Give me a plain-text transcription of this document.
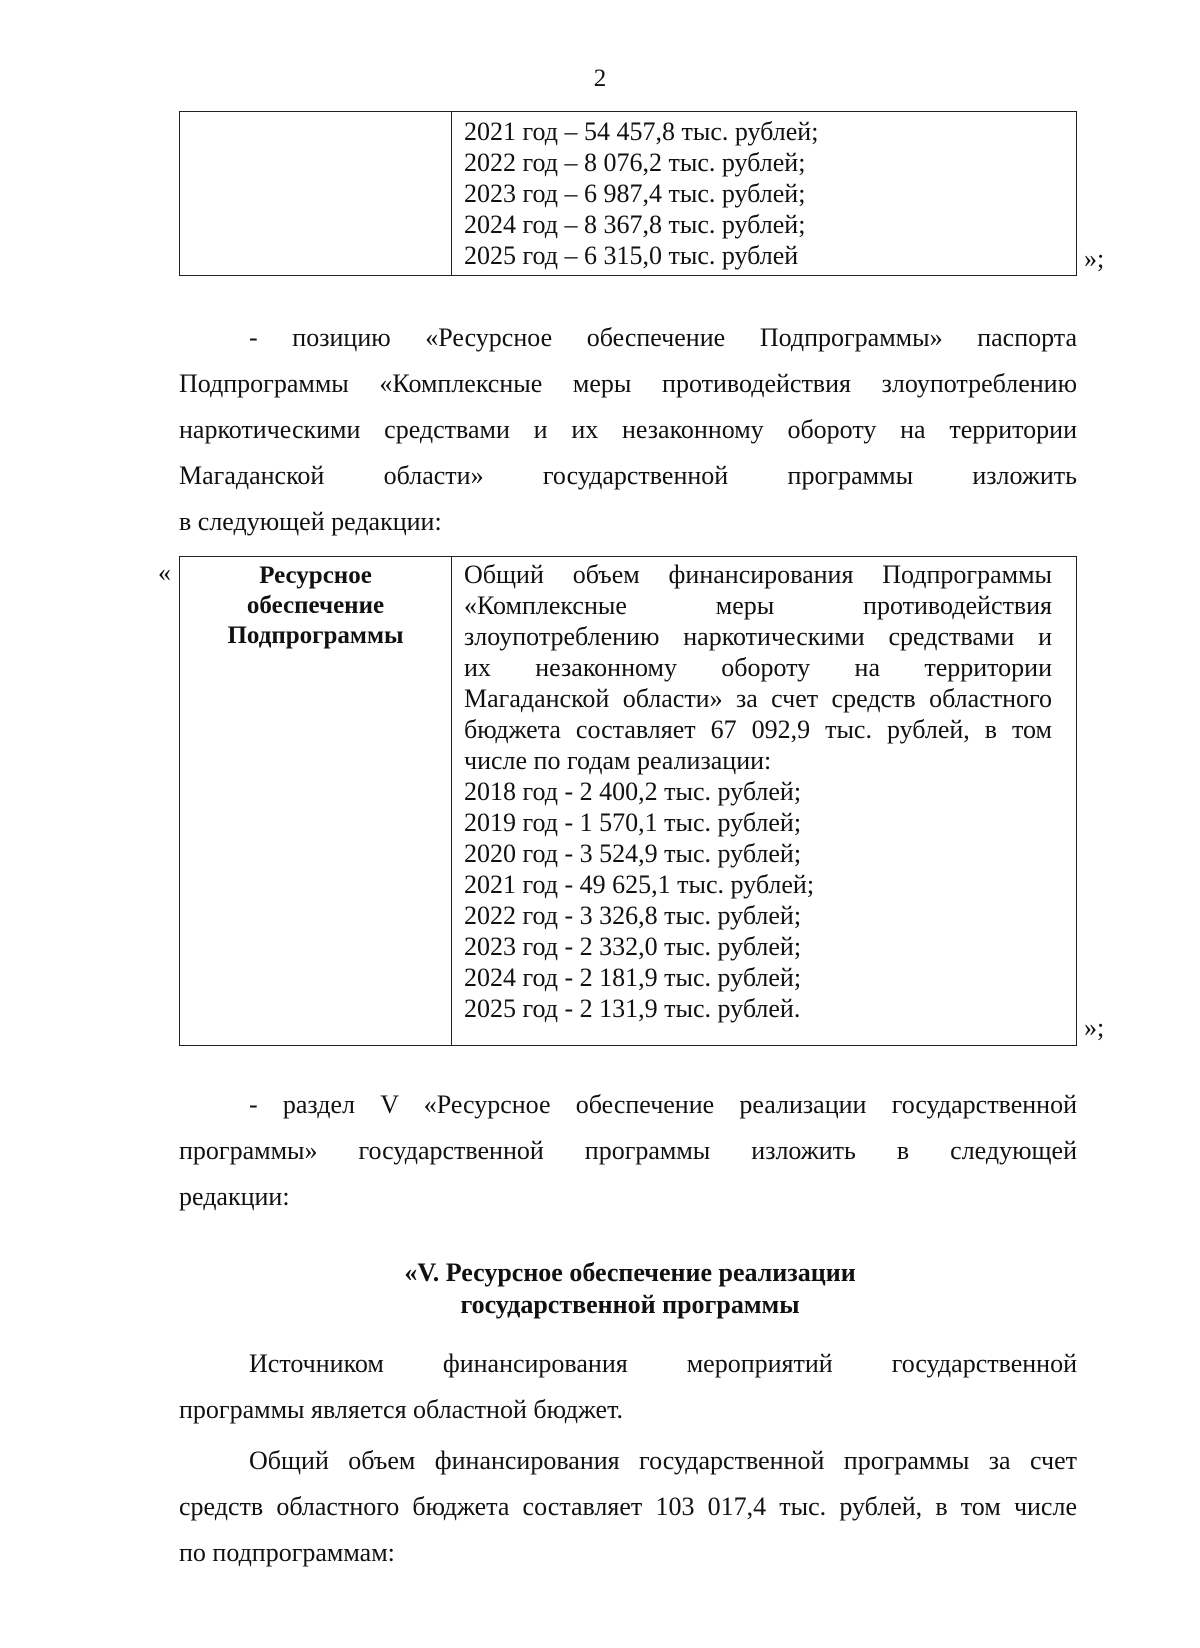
2
2021 год – 54 457,8 тыс. рублей;
2022 год – 8 076,2 тыс. рублей;
2023 год – 6 987,4 тыс. рублей;
2024 год – 8 367,8 тыс. рублей;
2025 год – 6 315,0 тыс. рублей	»;
- позицию «Ресурсное обеспечение Подпрограммы» паспорта
Подпрограммы «Комплексные меры противодействия злоупотреблению
наркотическими средствами и их незаконному обороту на территории
Магаданской области» государственной программы изложить
в следующей редакции:
«	Ресурсное
обеспечение
Подпрограммы
Общий объем финансирования Подпрограммы
«Комплексные меры противодействия
злоупотреблению наркотическими средствами и
их незаконному обороту на территории
Магаданской области» за счет средств областного
бюджета составляет 67 092,9 тыс. рублей, в том
числе по годам реализации:
2018 год - 2 400,2 тыс. рублей;
2019 год - 1 570,1 тыс. рублей;
2020 год - 3 524,9 тыс. рублей;
2021 год - 49 625,1 тыс. рублей;
2022 год - 3 326,8 тыс. рублей;
2023 год - 2 332,0 тыс. рублей;
2024 год - 2 181,9 тыс. рублей;
2025 год - 2 131,9 тыс. рублей.
»;
- раздел V «Ресурсное обеспечение реализации государственной
программы» государственной программы изложить в следующей
редакции:
«V. Ресурсное обеспечение реализации
государственной программы
Источником финансирования мероприятий государственной
программы является областной бюджет.
Общий объем финансирования государственной программы за счет
средств областного бюджета составляет 103 017,4 тыс. рублей, в том числе
по подпрограммам:
